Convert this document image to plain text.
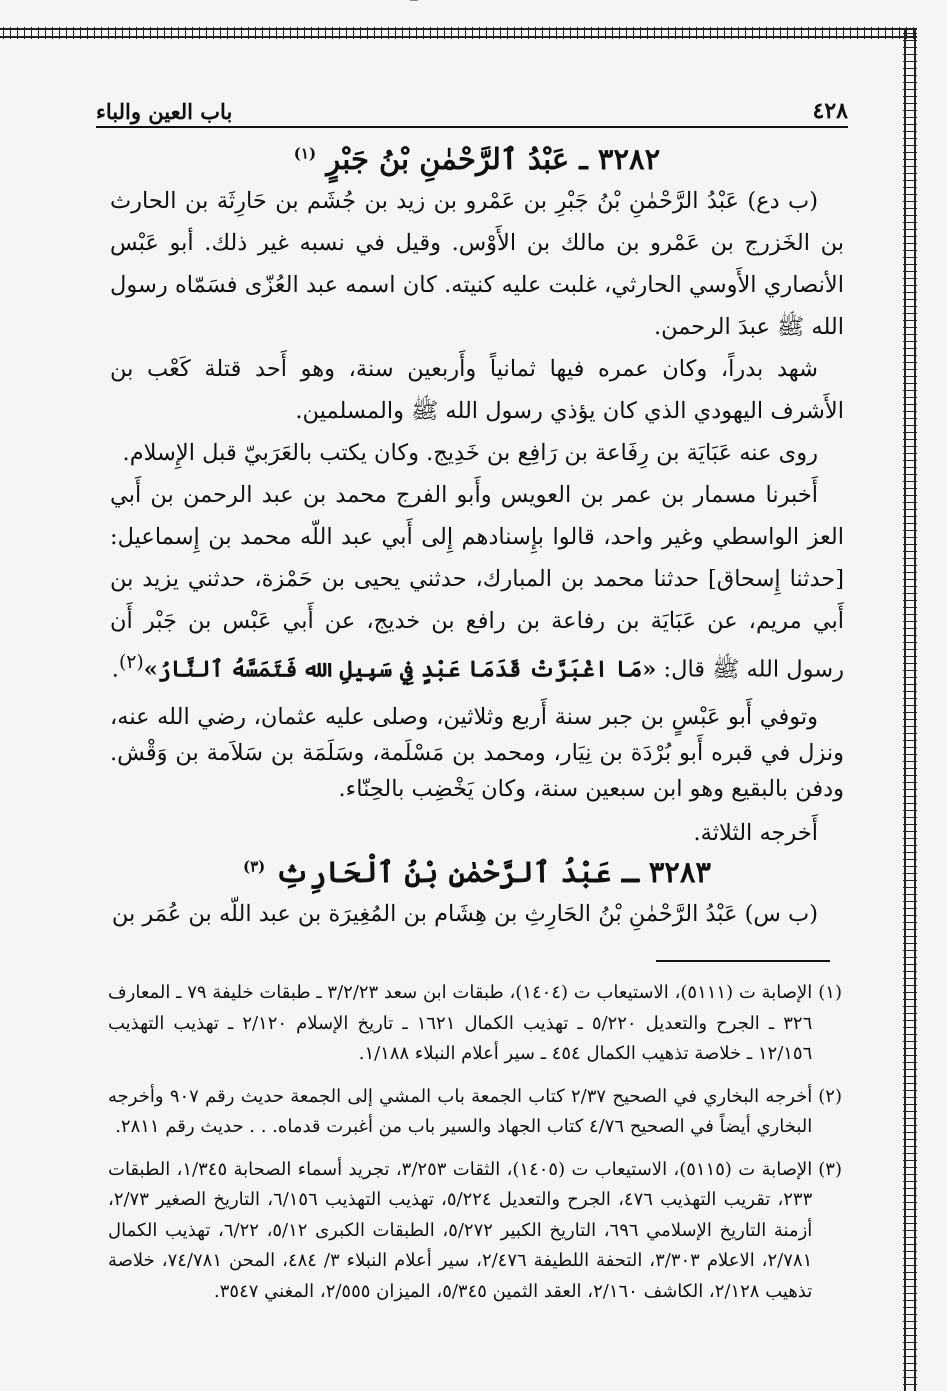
٤٢٨
باب العين والباء
٣٢٨٢ ـ عَبْدُ ٱلرَّحْمٰنِ بْنُ جَبْرٍ $^{(١)}$

(ب دع) عَبْدُ الرَّحْمٰنِ بْنُ جَبْرِ بن عَمْرو بن زيد بن جُشَم بن حَارِثَة بن الحارث بن الخَزرج بن عَمْرو بن مالك بن الأَوْس. وقيل في نسبه غير ذلك. أبو عَبْس الأنصاري الأَوسي الحارثي، غلبت عليه كنيته. كان اسمه عبد العُزّى فسَمّاه رسول الله ﷺ عبدَ الرحمن.

شهد بدراً، وكان عمره فيها ثمانياً وأَربعين سنة، وهو أَحد قتلة كَعْب بن الأَشرف اليهودي الذي كان يؤذي رسول الله ﷺ والمسلمين.

روى عنه عَبَايَة بن رِفَاعة بن رَافِع بن خَدِيج. وكان يكتب بالعَرَبيّ قبل الإِسلام.

أَخبرنا مسمار بن عمر بن العويس وأَبو الفرج محمد بن عبد الرحمن بن أَبي العز الواسطي وغير واحد، قالوا بإِسنادهم إِلى أَبي عبد اللّه محمد بن إِسماعيل: [حدثنا إِسحاق] حدثنا محمد بن المبارك، حدثني يحيى بن حَمْزة، حدثني يزيد بن أَبي مريم، عن عَبَايَة بن رفاعة بن رافع بن خديج، عن أَبي عَبْس بن جَبْر أَن رسول الله ﷺ قال: «مَا اغْبَرَّتْ قَدَمَا عَبْدٍ فِي سَبِيلِ الله فَتَمَسَّهُ ٱلنَّارُ»$^{(٢)}$.

وتوفي أَبو عَبْسٍ بن جبر سنة أَربع وثلاثين، وصلى عليه عثمان، رضي الله عنه، ونزل في قبره أَبو بُرْدَة بن نِيَار، ومحمد بن مَسْلَمة، وسَلَمَة بن سَلاَمة بن وَقْش. ودفن بالبقيع وهو ابن سبعين سنة، وكان يَخْضِب بالحِنّاء.

أَخرجه الثلاثة.

٣٢٨٣ ـ عَبْدُ ٱلرَّحْمٰنِ بْنُ ٱلْحَارِثِ $^{(٣)}$

(ب س) عَبْدُ الرَّحْمٰنِ بْنُ الحَارِثِ بن هِشَام بن المُغِيرَة بن عبد اللّه بن عُمَر بن

(١)
الإصابة ت (٥١١١)، الاستيعاب ت (١٤٠٤)، طبقات ابن سعد ٣/٢/٢٣ ـ طبقات خليفة ٧٩ ـ المعارف ٣٢٦ ـ الجرح والتعديل ٥/٢٢٠ ـ تهذيب الكمال ١٦٢١ ـ تاريخ الإسلام ٢/١٢٠ ـ تهذيب التهذيب ١٢/١٥٦ ـ خلاصة تذهيب الكمال ٤٥٤ ـ سير أعلام النبلاء ١/١٨٨.
(٢)
أخرجه البخاري في الصحيح ٢/٣٧ كتاب الجمعة باب المشي إلى الجمعة حديث رقم ٩٠٧ وأخرجه البخاري أيضاً في الصحيح ٤/٧٦ كتاب الجهاد والسير باب من أغبرت قدماه. . . حديث رقم ٢٨١١.
(٣)
الإصابة ت (٥١١٥)، الاستيعاب ت (١٤٠٥)، الثقات ٣/٢٥٣، تجريد أسماء الصحابة ١/٣٤٥، الطبقات ٢٣٣، تقريب التهذيب ٤٧٦، الجرح والتعديل ٥/٢٢٤، تهذيب التهذيب ٦/١٥٦، التاريخ الصغير ٢/٧٣، أزمنة التاريخ الإسلامي ٦٩٦، التاريخ الكبير ٥/٢٧٢، الطبقات الكبرى ٥/١٢، ٦/٢٢، تهذيب الكمال ٢/٧٨١، الاعلام ٣/٣٠٣، التحفة اللطيفة ٢/٤٧٦، سير أعلام النبلاء ٣/ ٤٨٤، المحن ٧٤/٧٨١، خلاصة تذهيب ٢/١٢٨، الكاشف ٢/١٦٠، العقد الثمين ٥/٣٤٥، الميزان ٢/٥٥٥، المغني ٣٥٤٧.
